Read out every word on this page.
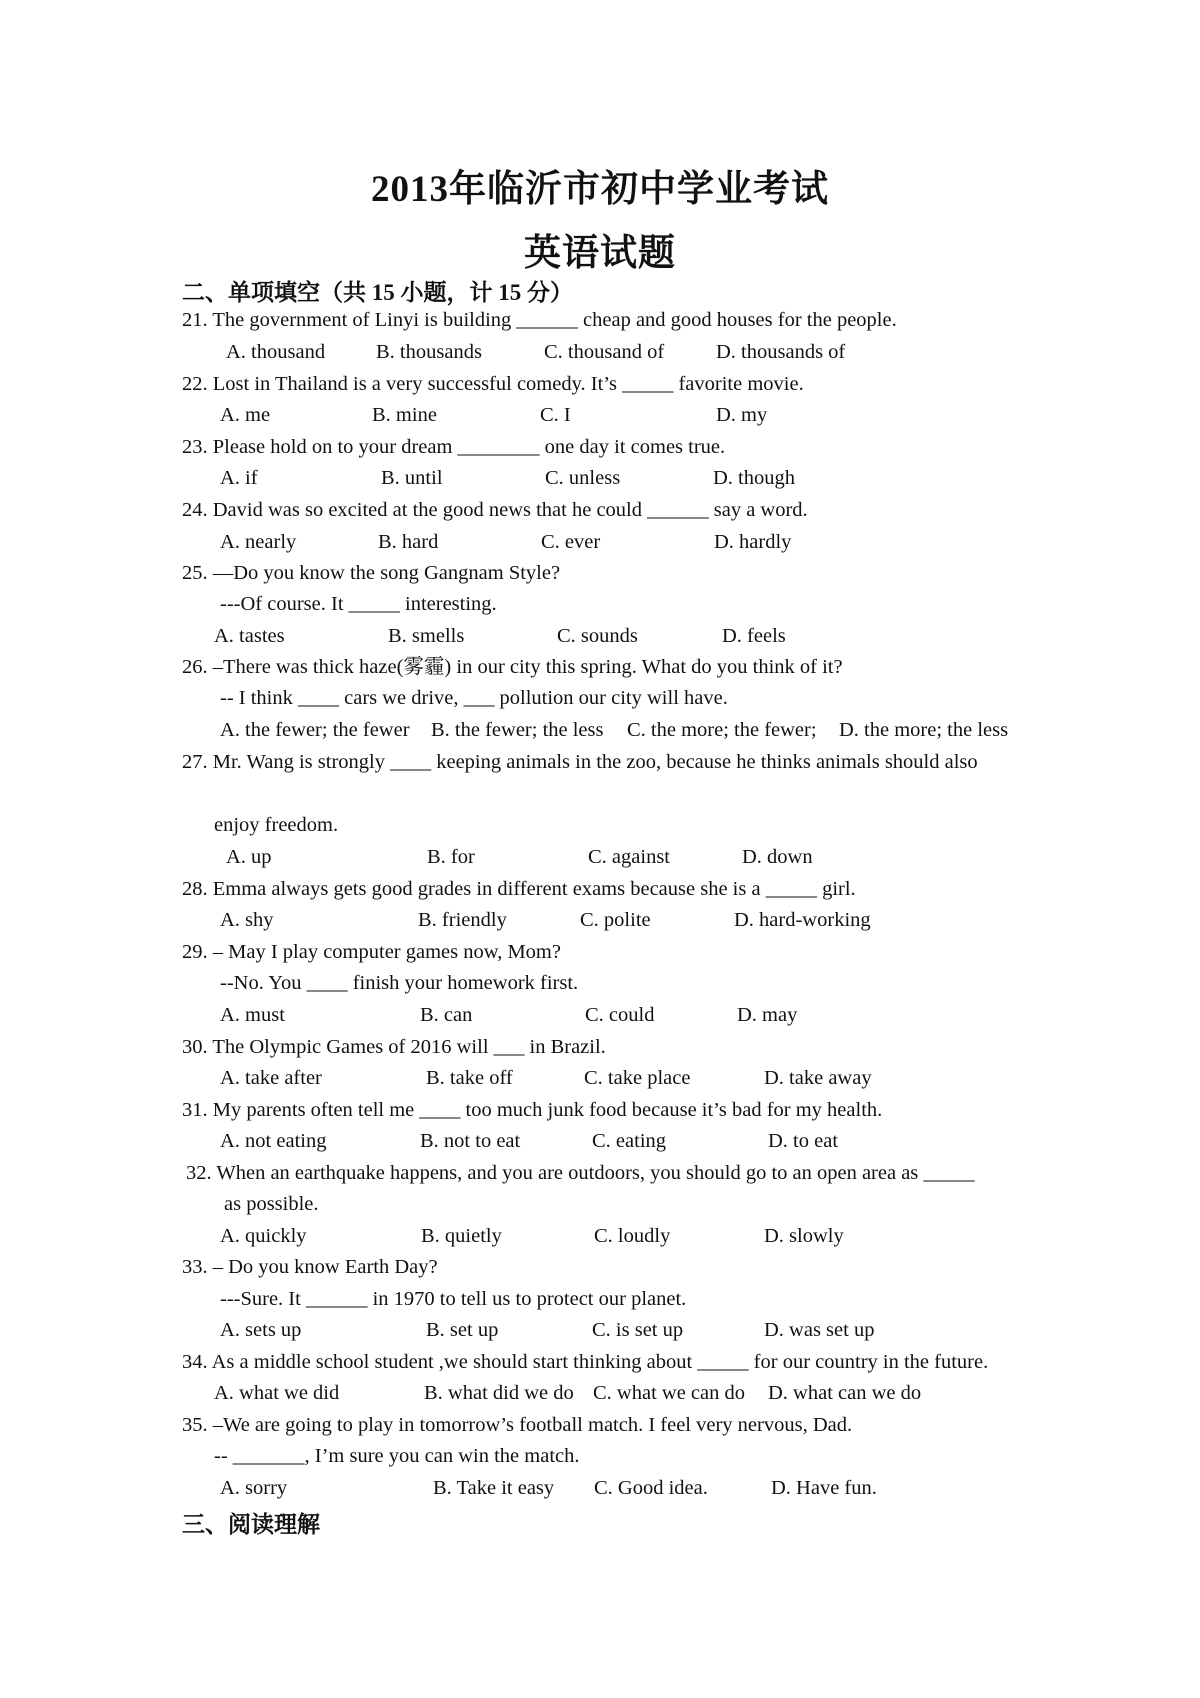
2013年临沂市初中学业考试
英语试题
二、单项填空（共 15 小题，计 15 分）
21. The government of Linyi is building ______ cheap and good houses for the people.
A. thousand B. thousands	C. thousand of	D. thousands of
22. Lost in Thailand is a very successful comedy. It’s _____ favorite movie.
A. me	B. mine	C. I	D. my
23. Please hold on to your dream ________ one day it comes true.
A. if	B. until	C. unless	D. though
24. David was so excited at the good news that he could ______ say a word.
A. nearly	B. hard	C. ever	D. hardly
25. —Do you know the song Gangnam Style?
---Of course. It _____ interesting.
A. tastes	B. smells	C. sounds	D. feels
26. –There was thick haze(雾霾) in our city this spring. What do you think of it?
-- I think ____ cars we drive, ___ pollution our city will have.
A. the fewer; the fewer B. the fewer; the less C. the more; the fewer; D. the more; the less
27. Mr. Wang is strongly ____ keeping animals in the zoo, because he thinks animals should also
enjoy freedom.
A. up	B. for	C. against	D. down
28. Emma always gets good grades in different exams because she is a _____ girl.
A. shy	B. friendly	C. polite	D. hard-working
29. – May I play computer games now, Mom?
--No. You ____ finish your homework first.
A. must	B. can	C. could	D. may
30. The Olympic Games of 2016 will ___ in Brazil.
A. take after	B. take off	C. take place	D. take away
31. My parents often tell me ____ too much junk food because it’s bad for my health.
A. not eating	B. not to eat	C. eating	D. to eat
32. When an earthquake happens, and you are outdoors, you should go to an open area as _____
as possible.
A. quickly	B. quietly	C. loudly	D. slowly
33. – Do you know Earth Day?
---Sure. It ______ in 1970 to tell us to protect our planet.
A. sets up	B. set up	C. is set up	D. was set up
34. As a middle school student ,we should start thinking about _____ for our country in the future.
A. what we did	B. what did we do C. what we can do D. what can we do
35. –We are going to play in tomorrow’s football match. I feel very nervous, Dad.
-- _______, I’m sure you can win the match.
A. sorry	B. Take it easy C. Good idea.	D. Have fun.
三、阅读理解
